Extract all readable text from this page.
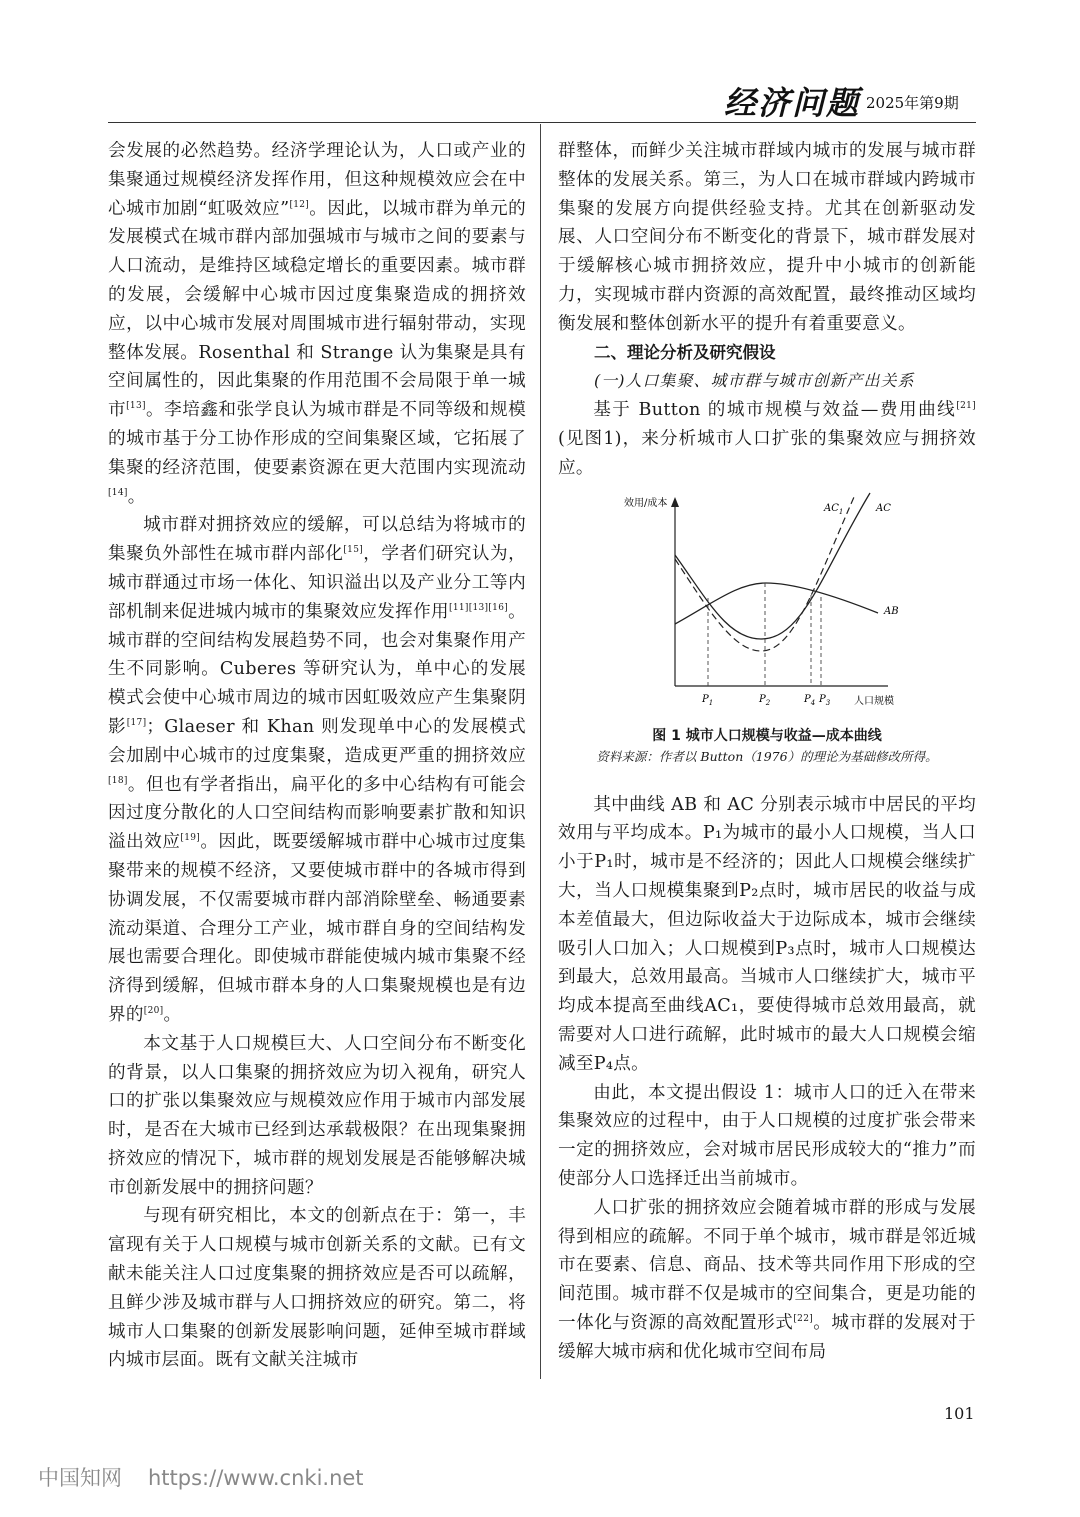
经济问题 2025年第9期

会发展的必然趋势。经济学理论认为，人口或产业的集聚通过规模经济发挥作用，但这种规模效应会在中心城市加剧“虹吸效应”[12]。因此，以城市群为单元的发展模式在城市群内部加强城市与城市之间的要素与人口流动，是维持区域稳定增长的重要因素。城市群的发展，会缓解中心城市因过度集聚造成的拥挤效应，以中心城市发展对周围城市进行辐射带动，实现整体发展。Rosenthal 和 Strange 认为集聚是具有空间属性的，因此集聚的作用范围不会局限于单一城市[13]。李培鑫和张学良认为城市群是不同等级和规模的城市基于分工协作形成的空间集聚区域，它拓展了集聚的经济范围，使要素资源在更大范围内实现流动[14]。

城市群对拥挤效应的缓解，可以总结为将城市的集聚负外部性在城市群内部化[15]，学者们研究认为，城市群通过市场一体化、知识溢出以及产业分工等内部机制来促进城内城市的集聚效应发挥作用[11][13][16]。城市群的空间结构发展趋势不同，也会对集聚作用产生不同影响。Cuberes 等研究认为，单中心的发展模式会使中心城市周边的城市因虹吸效应产生集聚阴影[17]；Glaeser 和 Khan 则发现单中心的发展模式会加剧中心城市的过度集聚，造成更严重的拥挤效应[18]。但也有学者指出，扁平化的多中心结构有可能会因过度分散化的人口空间结构而影响要素扩散和知识溢出效应[19]。因此，既要缓解城市群中心城市过度集聚带来的规模不经济，又要使城市群中的各城市得到协调发展，不仅需要城市群内部消除壁垒、畅通要素流动渠道、合理分工产业，城市群自身的空间结构发展也需要合理化。即使城市群能使城内城市集聚不经济得到缓解，但城市群本身的人口集聚规模也是有边界的[20]。

本文基于人口规模巨大、人口空间分布不断变化的背景，以人口集聚的拥挤效应为切入视角，研究人口的扩张以集聚效应与规模效应作用于城市内部发展时，是否在大城市已经到达承载极限？在出现集聚拥挤效应的情况下，城市群的规划发展是否能够解决城市创新发展中的拥挤问题？

与现有研究相比，本文的创新点在于：第一，丰富现有关于人口规模与城市创新关系的文献。已有文献未能关注人口过度集聚的拥挤效应是否可以疏解，且鲜少涉及城市群与人口拥挤效应的研究。第二，将城市人口集聚的创新发展影响问题，延伸至城市群域内城市层面。既有文献关注城市

群整体，而鲜少关注城市群域内城市的发展与城市群整体的发展关系。第三，为人口在城市群域内跨城市集聚的发展方向提供经验支持。尤其在创新驱动发展、人口空间分布不断变化的背景下，城市群发展对于缓解核心城市拥挤效应，提升中小城市的创新能力，实现城市群内资源的高效配置，最终推动区域均衡发展和整体创新水平的提升有着重要意义。

二、理论分析及研究假设

(一)人口集聚、城市群与城市创新产出关系

基于 Button 的城市规模与效益—费用曲线[21](见图1)，来分析城市人口扩张的集聚效应与拥挤效应。

效用/成本
人口规模
$AC_1$	AC
AB
$P_1$	$P_2$	$P_4$ $P_3$

图 1 城市人口规模与收益—成本曲线

资料来源：作者以 Button（1976）的理论为基础修改所得。

其中曲线 AB 和 AC 分别表示城市中居民的平均效用与平均成本。P₁为城市的最小人口规模，当人口小于P₁时，城市是不经济的；因此人口规模会继续扩大，当人口规模集聚到P₂点时，城市居民的收益与成本差值最大，但边际收益大于边际成本，城市会继续吸引人口加入；人口规模到P₃点时，城市人口规模达到最大，总效用最高。当城市人口继续扩大，城市平均成本提高至曲线AC₁，要使得城市总效用最高，就需要对人口进行疏解，此时城市的最大人口规模会缩减至P₄点。

由此，本文提出假设 1：城市人口的迁入在带来集聚效应的过程中，由于人口规模的过度扩张会带来一定的拥挤效应，会对城市居民形成较大的“推力”而使部分人口选择迁出当前城市。

人口扩张的拥挤效应会随着城市群的形成与发展得到相应的疏解。不同于单个城市，城市群是邻近城市在要素、信息、商品、技术等共同作用下形成的空间范围。城市群不仅是城市的空间集合，更是功能的一体化与资源的高效配置形式[22]。城市群的发展对于缓解大城市病和优化城市空间布局

101
中国知网 https://www.cnki.net
